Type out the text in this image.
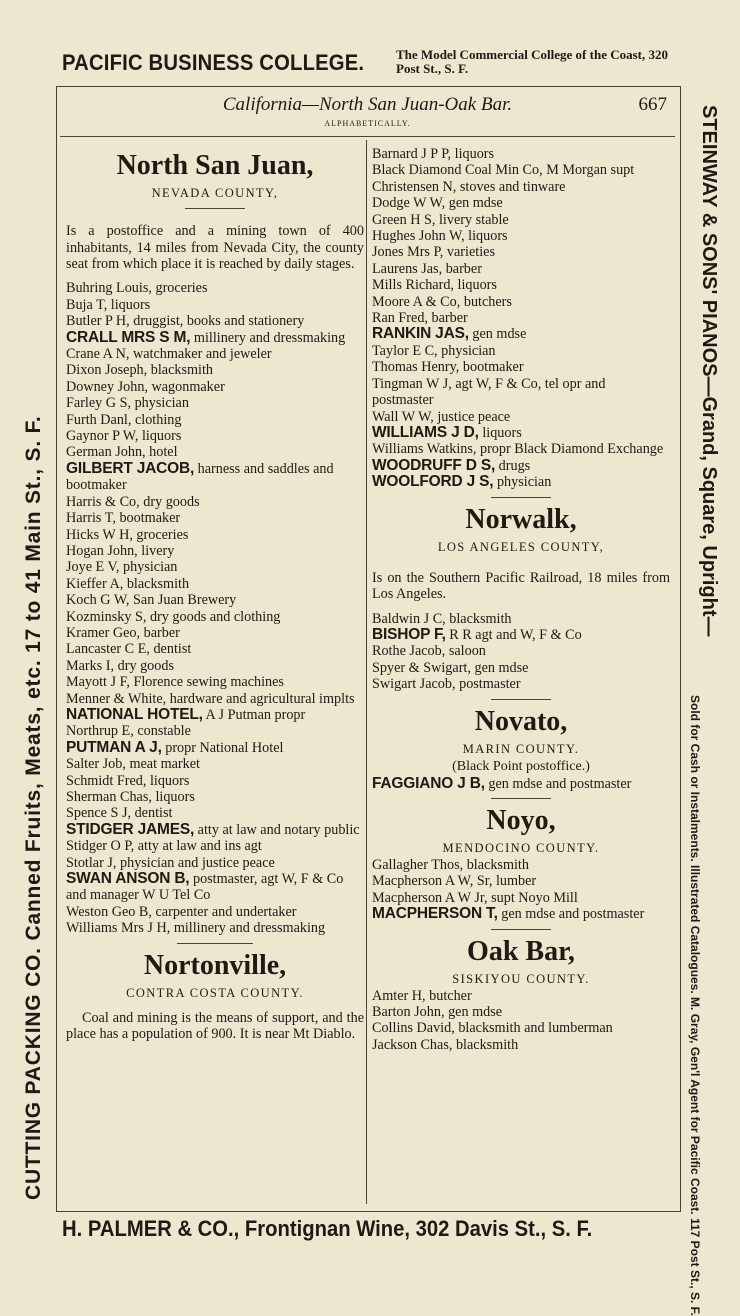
PACIFIC BUSINESS COLLEGE. The Model Commercial College of the Coast, 320 Post St., S. F.
CUTTING PACKING CO. Canned Fruits, Meats, etc. 17 to 41 Main St., S. F.
STEINWAY & SONS' PIANOS—Grand, Square, Upright—
Sold for Cash or Instalments. Illustrated Catalogues. M. Gray, Gen'l Agent for Pacific Coast. 117 Post St., S. F.
California—North San Juan-Oak Bar.	667
ALPHABETICALLY.
North San Juan,
NEVADA COUNTY,

Is a postoffice and a mining town of 400 inhabitants, 14 miles from Nevada City, the county seat from which place it is reached by daily stages.

Buhring Louis, groceries

Buja T, liquors

Butler P H, druggist, books and stationery

CRALL MRS S M, millinery and dressmaking

Crane A N, watchmaker and jeweler

Dixon Joseph, blacksmith

Downey John, wagonmaker

Farley G S, physician

Furth Danl, clothing

Gaynor P W, liquors

German John, hotel

GILBERT JACOB, harness and saddles and bootmaker

Harris & Co, dry goods

Harris T, bootmaker

Hicks W H, groceries

Hogan John, livery

Joye E V, physician

Kieffer A, blacksmith

Koch G W, San Juan Brewery

Kozminsky S, dry goods and clothing

Kramer Geo, barber

Lancaster C E, dentist

Marks I, dry goods

Mayott J F, Florence sewing machines

Menner & White, hardware and agricultural implts

NATIONAL HOTEL, A J Putman propr

Northrup E, constable

PUTMAN A J, propr National Hotel

Salter Job, meat market

Schmidt Fred, liquors

Sherman Chas, liquors

Spence S J, dentist

STIDGER JAMES, atty at law and notary public

Stidger O P, atty at law and ins agt

Stotlar J, physician and justice peace

SWAN ANSON B, postmaster, agt W, F & Co and manager W U Tel Co

Weston Geo B, carpenter and undertaker

Williams Mrs J H, millinery and dressmaking

Nortonville,
CONTRA COSTA COUNTY.

Coal and mining is the means of support, and the place has a population of 900. It is near Mt Diablo.

Barnard J P P, liquors

Black Diamond Coal Min Co, M Morgan supt

Christensen N, stoves and tinware

Dodge W W, gen mdse

Green H S, livery stable

Hughes John W, liquors

Jones Mrs P, varieties

Laurens Jas, barber

Mills Richard, liquors

Moore A & Co, butchers

Ran Fred, barber

RANKIN JAS, gen mdse

Taylor E C, physician

Thomas Henry, bootmaker

Tingman W J, agt W, F & Co, tel opr and postmaster

Wall W W, justice peace

WILLIAMS J D, liquors

Williams Watkins, propr Black Diamond Exchange

WOODRUFF D S, drugs

WOOLFORD J S, physician

Norwalk,
LOS ANGELES COUNTY,

Is on the Southern Pacific Railroad, 18 miles from Los Angeles.

Baldwin J C, blacksmith

BISHOP F, R R agt and W, F & Co

Rothe Jacob, saloon

Spyer & Swigart, gen mdse

Swigart Jacob, postmaster

Novato,
MARIN COUNTY.
(Black Point postoffice.)

FAGGIANO J B, gen mdse and postmaster

Noyo,
MENDOCINO COUNTY.

Gallagher Thos, blacksmith

Macpherson A W, Sr, lumber

Macpherson A W Jr, supt Noyo Mill

MACPHERSON T, gen mdse and postmaster

Oak Bar,
SISKIYOU COUNTY.

Amter H, butcher

Barton John, gen mdse

Collins David, blacksmith and lumberman

Jackson Chas, blacksmith

H. PALMER & CO., Frontignan Wine, 302 Davis St., S. F.
